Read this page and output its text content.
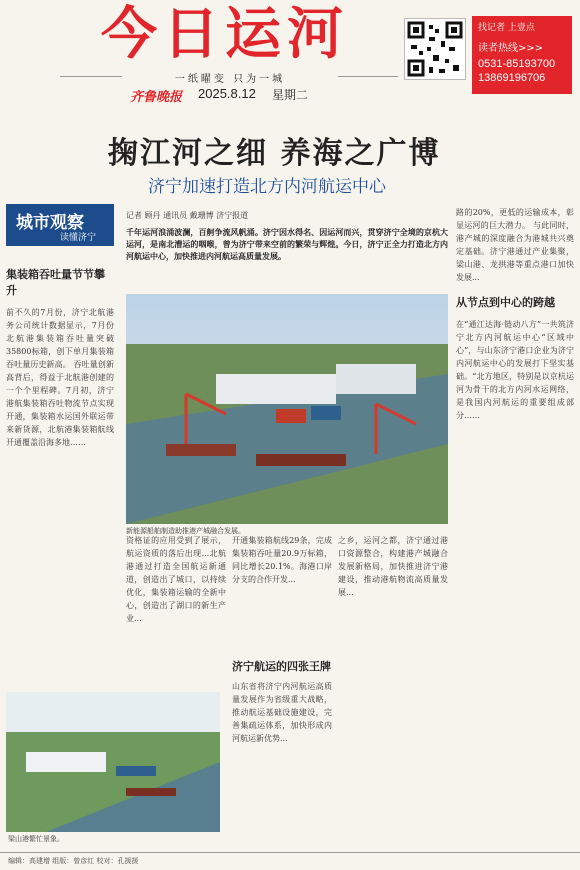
今日运河
一纸曜变 只为一城
齐鲁晚报 2025.8.12 星期二
找记者 上壹点
读者热线>>>
0531-85193700
13869196706
掬江河之细 养海之广博
济宁加速打造北方内河航运中心
城市观察
读懂济宁
集装箱吞吐量节节攀升
前不久的7月份，济宁北航港务公司统计数据显示，7月份北航港集装箱吞吐量突破35800标箱，创下单月集装箱吞吐量历史新高。 吞吐量创新高背后，得益于北航港创建的一个个里程碑。7月初，济宁港航集装箱吞吐物流节点实现开通，集装箱水运国外联运带来新货源，北航港集装箱航线开通覆盖沿海多地……
记者 顾丹 通讯员 戴珊博 济宁报道
千年运河浪涌波澜，百舸争流风帆涌。济宁因水得名、因运河而兴，贯穿济宁全境的京杭大运河，是南北漕运的咽喉，曾为济宁带来空前的繁荣与辉煌。今日，济宁正全力打造北方内河航运中心，加快推进内河航运高质量发展。
新能源船舶制造助推港产城融合发展。
资格证的应用受到了展示，航运资质的落后出现...北航港通过打造全国航运新通道，创造出了城口，以持续优化，集装箱运输的全新中心，创造出了湖口的新生产业...
开通集装箱航线29条，完成集装箱吞吐量20.9万标箱，同比增长20.1%。海港口岸分支的合作开发...
之乡，运河之都，济宁通过港口资源整合，构建港产城融合发展新格局，加快推进济宁港建设，推动港航物流高质量发展...
济宁航运的四张王牌
山东省将济宁内河航运高质量发展作为省级重大战略，推动航运基础设施建设，完善集疏运体系，加快形成内河航运新优势...
路的20%，更低的运输成本，彰显运河的巨大潜力。 与此同时，港产城的深度融合为港城共兴奠定基础。济宁港通过产业集聚，梁山港、龙拱港等重点港口加快发展...
从节点到中心的跨越
在“通江达海·链动八方”一共筑济宁北方内河航运中心“区域中心”，与山东济宁港口企业为济宁内河航运中心的发展打下坚实基础。“北方地区，特别是以京杭运河为骨干的北方内河水运网络，是我国内河航运的重要组成部分……
梁山港繁忙景象。
编辑：高建增 组版：曾彦红 校对：孔援援
